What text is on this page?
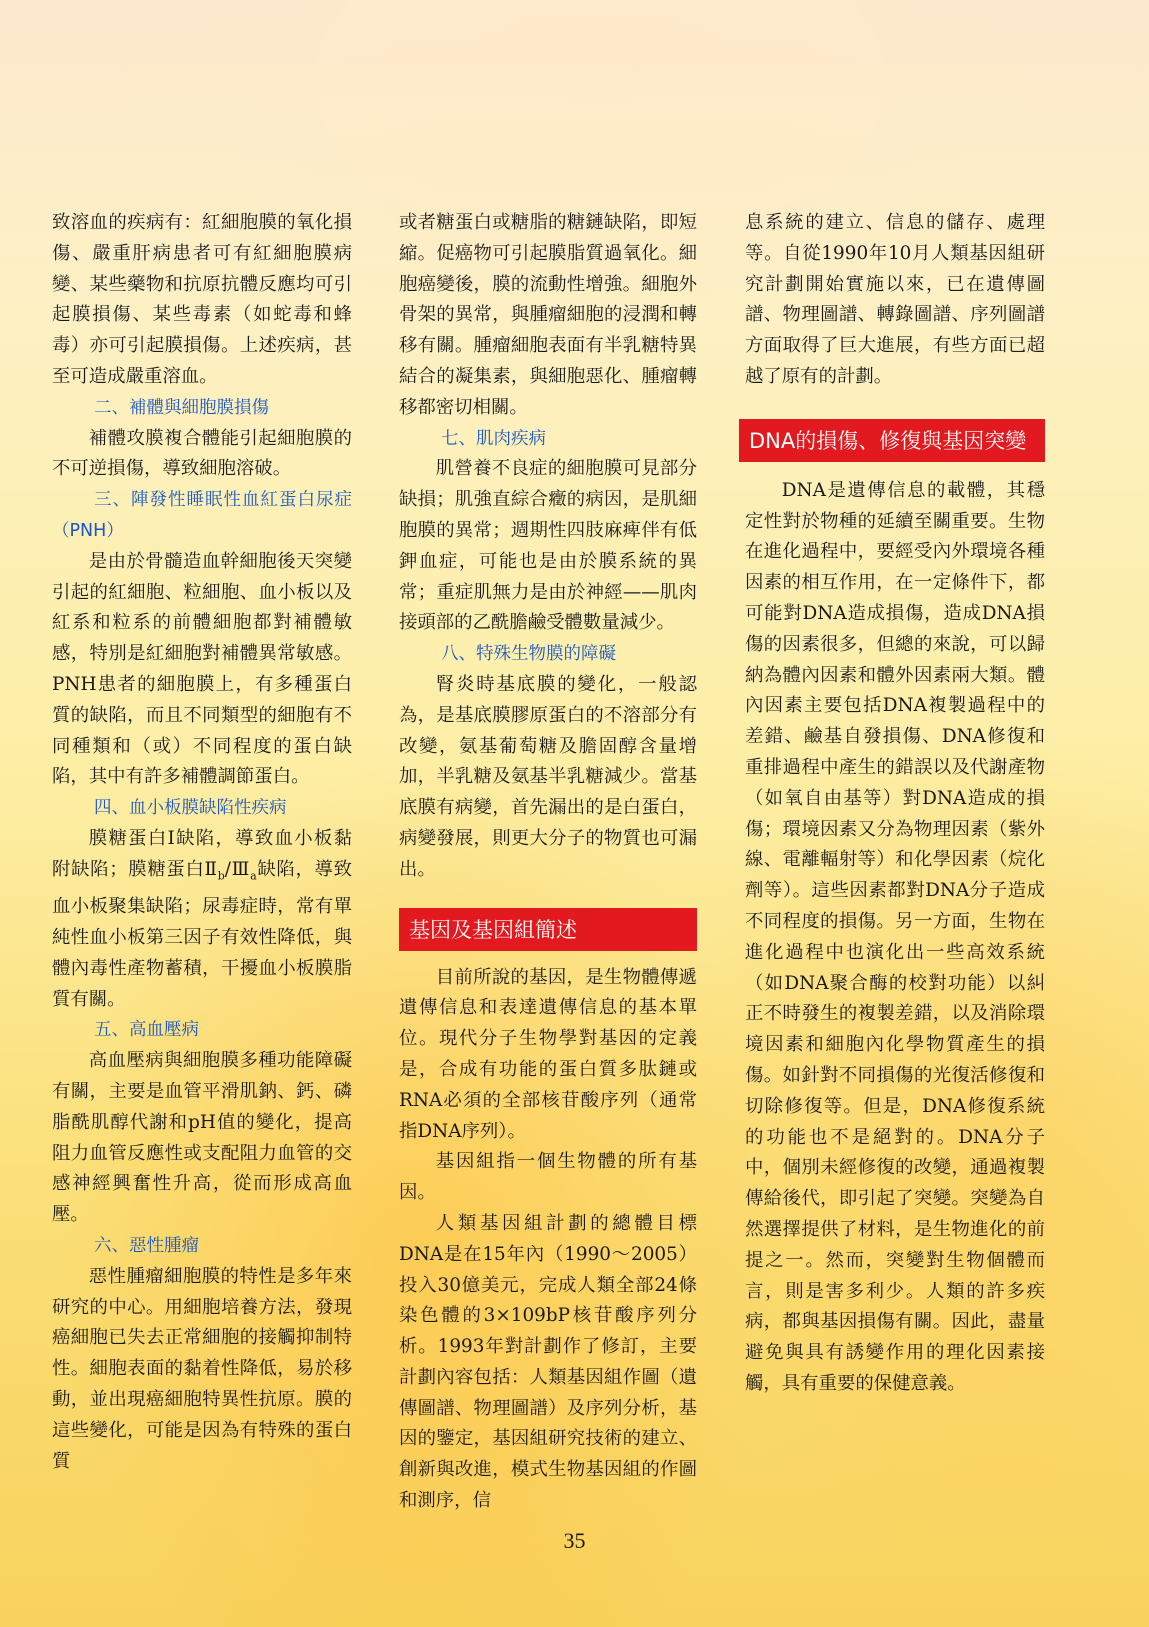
致溶血的疾病有：紅細胞膜的氧化損傷、嚴重肝病患者可有紅細胞膜病變、某些藥物和抗原抗體反應均可引起膜損傷、某些毒素（如蛇毒和蜂毒）亦可引起膜損傷。上述疾病，甚至可造成嚴重溶血。

二、補體與細胞膜損傷

補體攻膜複合體能引起細胞膜的不可逆損傷，導致細胞溶破。

三、陣發性睡眠性血紅蛋白尿症（PNH）

是由於骨髓造血幹細胞後天突變引起的紅細胞、粒細胞、血小板以及紅系和粒系的前體細胞都對補體敏感，特別是紅細胞對補體異常敏感。PNH患者的細胞膜上，有多種蛋白質的缺陷，而且不同類型的細胞有不同種類和（或）不同程度的蛋白缺陷，其中有許多補體調節蛋白。

四、血小板膜缺陷性疾病

膜糖蛋白Ⅰ缺陷，導致血小板黏附缺陷；膜糖蛋白$Ⅱ_b/Ⅲ_a$缺陷，導致血小板聚集缺陷；尿毒症時，常有單純性血小板第三因子有效性降低，與體內毒性產物蓄積，干擾血小板膜脂質有關。

五、高血壓病

高血壓病與細胞膜多種功能障礙有關，主要是血管平滑肌鈉、鈣、磷脂酰肌醇代謝和pH值的變化，提高阻力血管反應性或支配阻力血管的交感神經興奮性升高，從而形成高血壓。

六、惡性腫瘤

惡性腫瘤細胞膜的特性是多年來研究的中心。用細胞培養方法，發現癌細胞已失去正常細胞的接觸抑制特性。細胞表面的黏着性降低，易於移動，並出現癌細胞特異性抗原。膜的這些變化，可能是因為有特殊的蛋白質

或者糖蛋白或糖脂的糖鏈缺陷，即短縮。促癌物可引起膜脂質過氧化。細胞癌變後，膜的流動性增強。細胞外骨架的異常，與腫瘤細胞的浸潤和轉移有關。腫瘤細胞表面有半乳糖特異結合的凝集素，與細胞惡化、腫瘤轉移都密切相關。

七、肌肉疾病

肌營養不良症的細胞膜可見部分缺損；肌強直綜合癥的病因，是肌細胞膜的異常；週期性四肢麻痺伴有低鉀血症，可能也是由於膜系統的異常；重症肌無力是由於神經——肌肉接頭部的乙酰膽鹼受體數量減少。

八、特殊生物膜的障礙

腎炎時基底膜的變化，一般認為，是基底膜膠原蛋白的不溶部分有改變，氨基葡萄糖及膽固醇含量增加，半乳糖及氨基半乳糖減少。當基底膜有病變，首先漏出的是白蛋白，病變發展，則更大分子的物質也可漏出。

基因及基因組簡述

目前所說的基因，是生物體傳遞遺傳信息和表達遺傳信息的基本單位。現代分子生物學對基因的定義是，合成有功能的蛋白質多肽鏈或RNA必須的全部核苷酸序列（通常指DNA序列）。

基因組指一個生物體的所有基因。

人類基因組計劃的總體目標DNA是在15年內（1990～2005）投入30億美元，完成人類全部24條染色體的3×109bP核苷酸序列分析。1993年對計劃作了修訂，主要計劃內容包括：人類基因組作圖（遺傳圖譜、物理圖譜）及序列分析，基因的鑒定，基因組研究技術的建立、創新與改進，模式生物基因組的作圖和測序，信

息系統的建立、信息的儲存、處理等。自從1990年10月人類基因組研究計劃開始實施以來，已在遺傳圖譜、物理圖譜、轉錄圖譜、序列圖譜方面取得了巨大進展，有些方面已超越了原有的計劃。

DNA的損傷、修復與基因突變

DNA是遺傳信息的載體，其穩定性對於物種的延續至關重要。生物在進化過程中，要經受內外環境各種因素的相互作用，在一定條件下，都可能對DNA造成損傷，造成DNA損傷的因素很多，但總的來說，可以歸納為體內因素和體外因素兩大類。體內因素主要包括DNA複製過程中的差錯、鹼基自發損傷、DNA修復和重排過程中產生的錯誤以及代謝產物（如氧自由基等）對DNA造成的損傷；環境因素又分為物理因素（紫外線、電離輻射等）和化學因素（烷化劑等）。這些因素都對DNA分子造成不同程度的損傷。另一方面，生物在進化過程中也演化出一些高效系統（如DNA聚合酶的校對功能）以糾正不時發生的複製差錯，以及消除環境因素和細胞內化學物質產生的損傷。如針對不同損傷的光復活修復和切除修復等。但是，DNA修復系統的功能也不是絕對的。DNA分子中，個別未經修復的改變，通過複製傳給後代，即引起了突變。突變為自然選擇提供了材料，是生物進化的前提之一。然而，突變對生物個體而言，則是害多利少。人類的許多疾病，都與基因損傷有關。因此，盡量避免與具有誘變作用的理化因素接觸，具有重要的保健意義。

35
